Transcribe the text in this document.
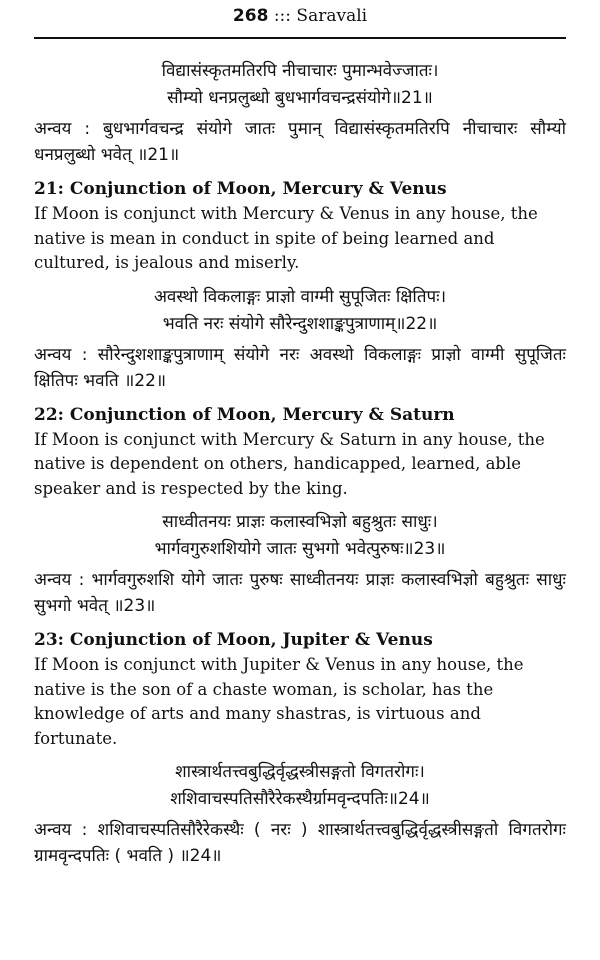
268 ::: Saravali

विद्यासंस्कृतमतिरपि नीचाचारः पुमान्भवेज्जातः।

सौम्यो धनप्रलुब्धो बुधभार्गवचन्द्रसंयोगे॥21॥

अन्वय : बुधभार्गवचन्द्र संयोगे जातः पुमान् विद्यासंस्कृतमतिरपि नीचाचारः सौम्यो धनप्रलुब्धो भवेत् ॥21॥

21: Conjunction of Moon, Mercury & Venus

If Moon is conjunct with Mercury & Venus in any house, the native is mean in conduct in spite of being learned and cultured, is jealous and miserly.

अवस्थो विकलाङ्गः प्राज्ञो वाग्मी सुपूजितः क्षितिपः।

भवति नरः संयोगे सौरेन्दुशशाङ्कपुत्राणाम्॥22॥

अन्वय : सौरेन्दुशशाङ्कपुत्राणाम् संयोगे नरः अवस्थो विकलाङ्गः प्राज्ञो वाग्मी सुपूजितः क्षितिपः भवति ॥22॥

22: Conjunction of Moon, Mercury & Saturn

If Moon is conjunct with Mercury & Saturn in any house, the native is dependent on others, handicapped, learned, able speaker and is respected by the king.

साध्वीतनयः प्राज्ञः कलास्वभिज्ञो बहुश्रुतः साधुः।

भार्गवगुरुशशियोगे जातः सुभगो भवेत्पुरुषः॥23॥

अन्वय : भार्गवगुरुशशि योगे जातः पुरुषः साध्वीतनयः प्राज्ञः कलास्वभिज्ञो बहुश्रुतः साधुः सुभगो भवेत् ॥23॥

23: Conjunction of Moon, Jupiter & Venus

If Moon is conjunct with Jupiter & Venus in any house, the native is the son of a chaste woman, is scholar, has the knowledge of arts and many shastras, is virtuous and fortunate.

शास्त्रार्थतत्त्वबुद्धिर्वृद्धस्त्रीसङ्गतो विगतरोगः।

शशिवाचस्पतिसौरैरेकस्थैर्ग्रामवृन्दपतिः॥24॥

अन्वय : शशिवाचस्पतिसौरैरेकस्थैः ( नरः ) शास्त्रार्थतत्त्वबुद्धिर्वृद्धस्त्रीसङ्गतो विगतरोगः ग्रामवृन्दपतिः ( भवति ) ॥24॥
